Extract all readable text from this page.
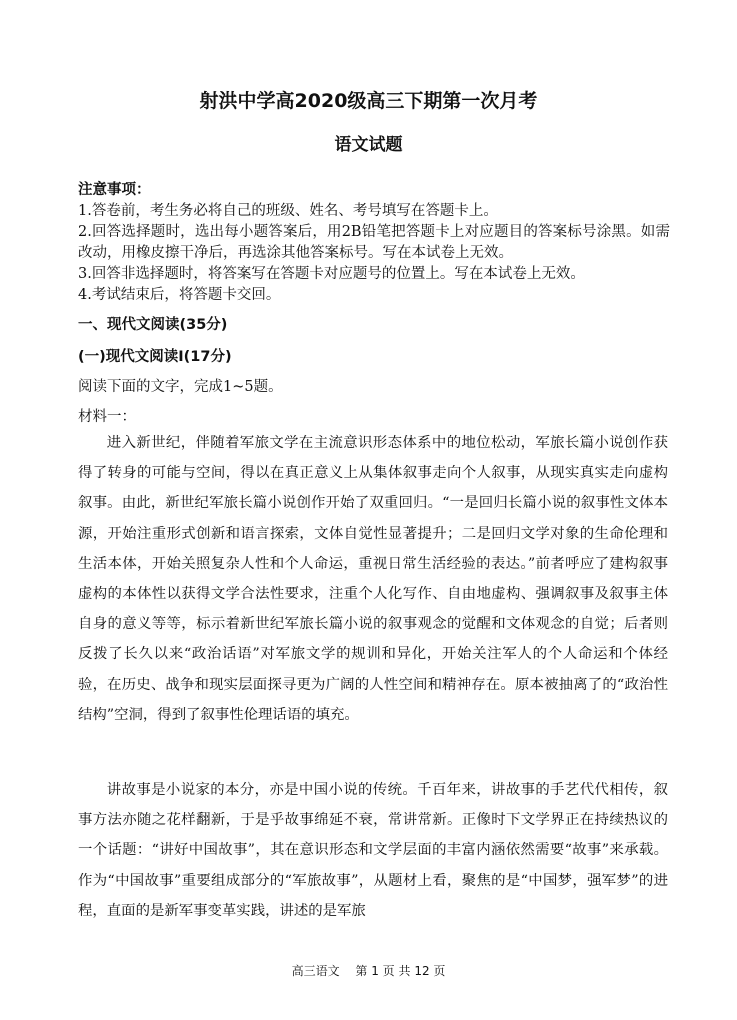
射洪中学高2020级高三下期第一次月考
语文试题

注意事项：

1.答卷前，考生务必将自己的班级、姓名、考号填写在答题卡上。

2.回答选择题时，选出每小题答案后，用2B铅笔把答题卡上对应题目的答案标号涂黑。如需改动，用橡皮擦干净后，再选涂其他答案标号。写在本试卷上无效。

3.回答非选择题时，将答案写在答题卡对应题号的位置上。写在本试卷上无效。

4.考试结束后，将答题卡交回。

一、现代文阅读(35分)
(一)现代文阅读Ⅰ(17分)
阅读下面的文字，完成1~5题。
材料一：

进入新世纪，伴随着军旅文学在主流意识形态体系中的地位松动，军旅长篇小说创作获得了转身的可能与空间，得以在真正意义上从集体叙事走向个人叙事，从现实真实走向虚构叙事。由此，新世纪军旅长篇小说创作开始了双重回归。“一是回归长篇小说的叙事性文体本源，开始注重形式创新和语言探索，文体自觉性显著提升；二是回归文学对象的生命伦理和生活本体，开始关照复杂人性和个人命运，重视日常生活经验的表达。”前者呼应了建构叙事虚构的本体性以获得文学合法性要求，注重个人化写作、自由地虚构、强调叙事及叙事主体自身的意义等等，标示着新世纪军旅长篇小说的叙事观念的觉醒和文体观念的自觉；后者则反拨了长久以来“政治话语”对军旅文学的规训和异化，开始关注军人的个人命运和个体经验，在历史、战争和现实层面探寻更为广阔的人性空间和精神存在。原本被抽离了的“政治性结构”空洞，得到了叙事性伦理话语的填充。

讲故事是小说家的本分，亦是中国小说的传统。千百年来，讲故事的手艺代代相传，叙事方法亦随之花样翻新，于是乎故事绵延不衰，常讲常新。正像时下文学界正在持续热议的一个话题：“讲好中国故事”，其在意识形态和文学层面的丰富内涵依然需要“故事”来承载。作为“中国故事”重要组成部分的“军旅故事”，从题材上看，聚焦的是“中国梦，强军梦”的进程，直面的是新军事变革实践，讲述的是军旅

高三语文 第 1 页 共 12 页
